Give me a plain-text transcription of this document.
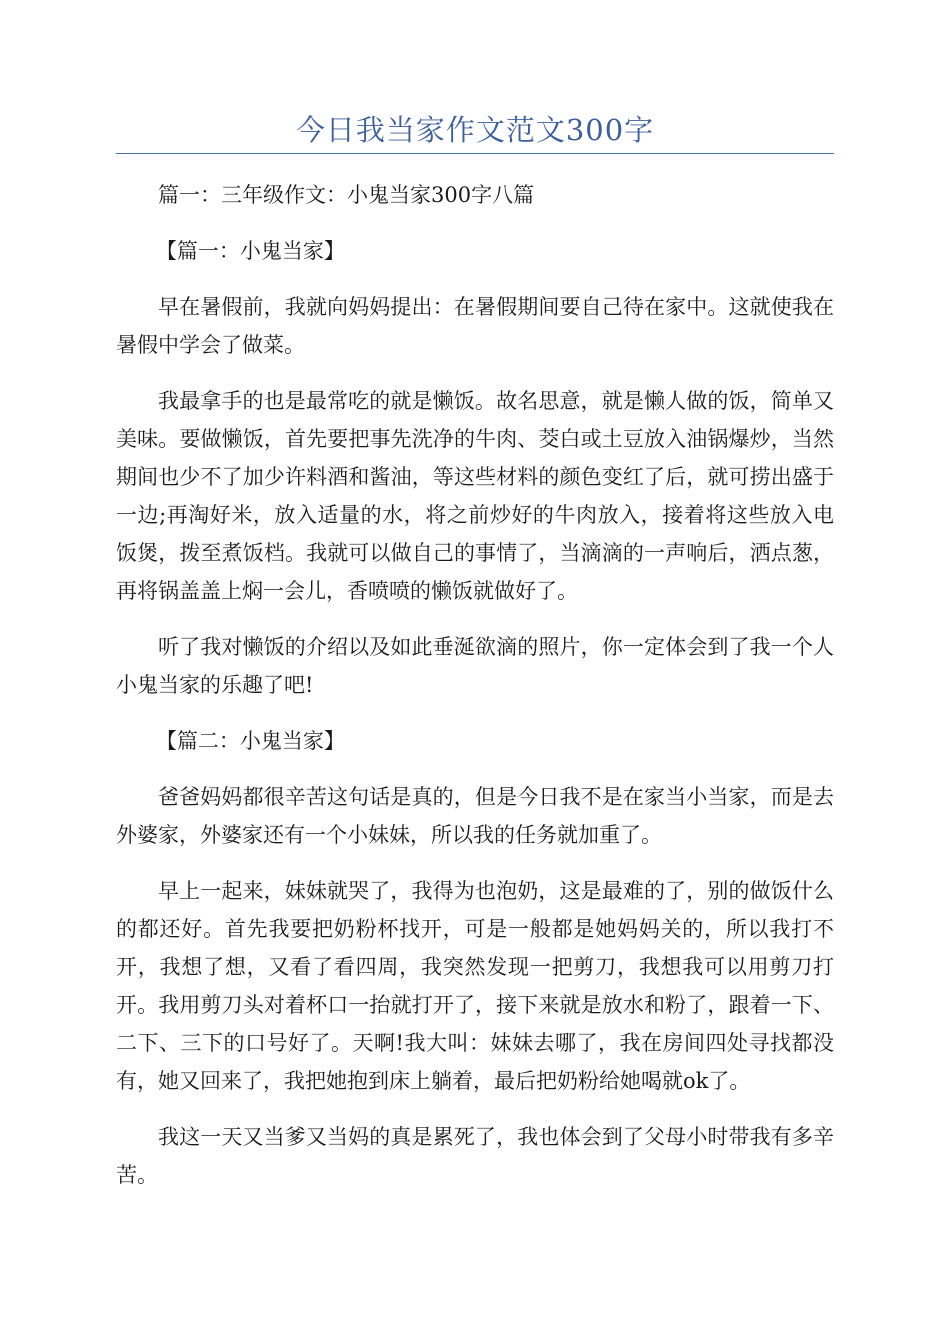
今日我当家作文范文300字

篇一：三年级作文：小鬼当家300字八篇

【篇一：小鬼当家】

早在暑假前，我就向妈妈提出：在暑假期间要自己待在家中。这就使我在暑假中学会了做菜。

我最拿手的也是最常吃的就是懒饭。故名思意，就是懒人做的饭，简单又美味。要做懒饭，首先要把事先洗净的牛肉、茭白或土豆放入油锅爆炒，当然期间也少不了加少许料酒和酱油，等这些材料的颜色变红了后，就可捞出盛于一边;再淘好米，放入适量的水，将之前炒好的牛肉放入，接着将这些放入电饭煲，拨至煮饭档。我就可以做自己的事情了，当滴滴的一声响后，洒点葱，再将锅盖盖上焖一会儿，香喷喷的懒饭就做好了。

听了我对懒饭的介绍以及如此垂涎欲滴的照片，你一定体会到了我一个人小鬼当家的乐趣了吧!

【篇二：小鬼当家】

爸爸妈妈都很辛苦这句话是真的，但是今日我不是在家当小当家，而是去外婆家，外婆家还有一个小妹妹，所以我的任务就加重了。

早上一起来，妹妹就哭了，我得为也泡奶，这是最难的了，别的做饭什么的都还好。首先我要把奶粉杯找开，可是一般都是她妈妈关的，所以我打不开，我想了想，又看了看四周，我突然发现一把剪刀，我想我可以用剪刀打开。我用剪刀头对着杯口一抬就打开了，接下来就是放水和粉了，跟着一下、二下、三下的口号好了。天啊!我大叫：妹妹去哪了，我在房间四处寻找都没有，她又回来了，我把她抱到床上躺着，最后把奶粉给她喝就ok了。

我这一天又当爹又当妈的真是累死了，我也体会到了父母小时带我有多辛苦。
